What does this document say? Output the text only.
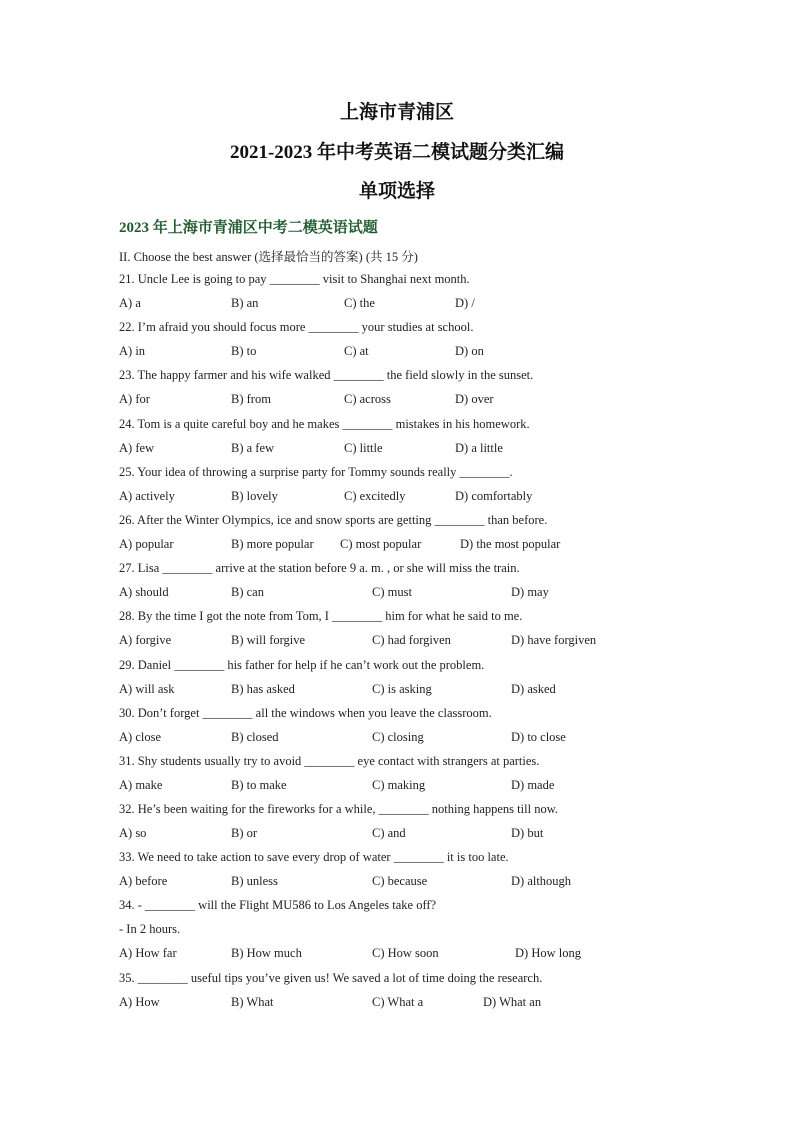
上海市青浦区
2021-2023 年中考英语二模试题分类汇编
单项选择
2023 年上海市青浦区中考二模英语试题
II. Choose the best answer (选择最恰当的答案) (共 15 分)
21. Uncle Lee is going to pay ________ visit to Shanghai next month.
A) a	B) an	C) the	D) /
22. I’m afraid you should focus more ________ your studies at school.
A) in	B) to	C) at	D) on
23. The happy farmer and his wife walked ________ the field slowly in the sunset.
A) for	B) from	C) across	D) over
24. Tom is a quite careful boy and he makes ________ mistakes in his homework.
A) few	B) a few	C) little	D) a little
25. Your idea of throwing a surprise party for Tommy sounds really ________.
A) actively	B) lovely	C) excitedly	D) comfortably
26. After the Winter Olympics, ice and snow sports are getting ________ than before.
A) popular	B) more popular C) most popular	D) the most popular
27. Lisa ________ arrive at the station before 9 a. m. , or she will miss the train.
A) should	B) can	C) must	D) may
28. By the time I got the note from Tom, I ________ him for what he said to me.
A) forgive	B) will forgive	C) had forgiven	D) have forgiven
29. Daniel ________ his father for help if he can’t work out the problem.
A) will ask	B) has asked	C) is asking	D) asked
30. Don’t forget ________ all the windows when you leave the classroom.
A) close	B) closed	C) closing	D) to close
31. Shy students usually try to avoid ________ eye contact with strangers at parties.
A) make	B) to make	C) making	D) made
32. He’s been waiting for the fireworks for a while, ________ nothing happens till now.
A) so	B) or	C) and	D) but
33. We need to take action to save every drop of water ________ it is too late.
A) before	B) unless	C) because	D) although
34. - ________ will the Flight MU586 to Los Angeles take off?
- In 2 hours.
A) How far	B) How much	C) How soon	D) How long
35. ________ useful tips you’ve given us! We saved a lot of time doing the research.
A) How	B) What	C) What a	D) What an
